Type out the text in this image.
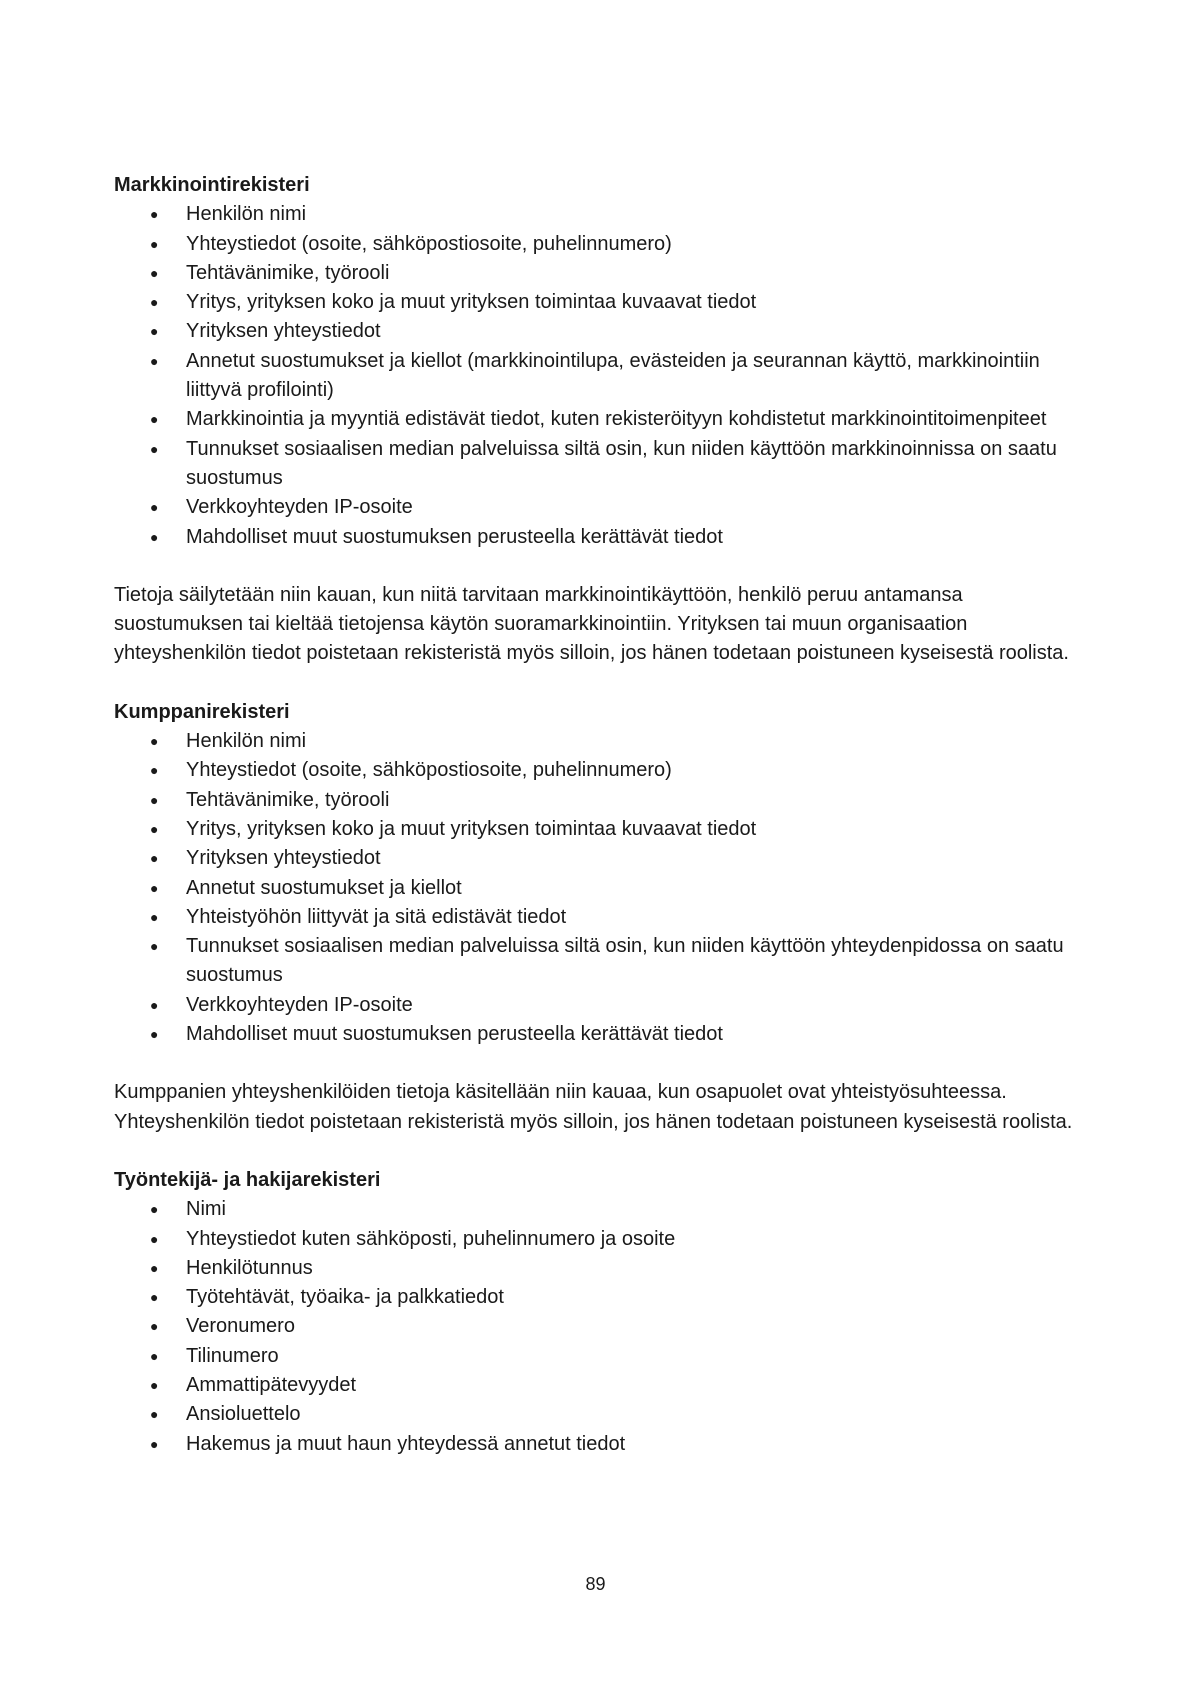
Markkinointirekisteri

● Henkilön nimi
● Yhteystiedot (osoite, sähköpostiosoite, puhelinnumero)
● Tehtävänimike, työrooli
● Yritys, yrityksen koko ja muut yrityksen toimintaa kuvaavat tiedot
● Yrityksen yhteystiedot
● Annetut suostumukset ja kiellot (markkinointilupa, evästeiden ja seurannan käyttö, markkinointiin liittyvä profilointi)
● Markkinointia ja myyntiä edistävät tiedot, kuten rekisteröityyn kohdistetut markkinointitoimenpiteet
● Tunnukset sosiaalisen median palveluissa siltä osin, kun niiden käyttöön markkinoinnissa on saatu suostumus
● Verkkoyhteyden IP-osoite
● Mahdolliset muut suostumuksen perusteella kerättävät tiedot

Tietoja säilytetään niin kauan, kun niitä tarvitaan markkinointikäyttöön, henkilö peruu antamansa suostumuksen tai kieltää tietojensa käytön suoramarkkinointiin. Yrityksen tai muun organisaation yhteyshenkilön tiedot poistetaan rekisteristä myös silloin, jos hänen todetaan poistuneen kyseisestä roolista.

Kumppanirekisteri

● Henkilön nimi
● Yhteystiedot (osoite, sähköpostiosoite, puhelinnumero)
● Tehtävänimike, työrooli
● Yritys, yrityksen koko ja muut yrityksen toimintaa kuvaavat tiedot
● Yrityksen yhteystiedot
● Annetut suostumukset ja kiellot
● Yhteistyöhön liittyvät ja sitä edistävät tiedot
● Tunnukset sosiaalisen median palveluissa siltä osin, kun niiden käyttöön yhteydenpidossa on saatu suostumus
● Verkkoyhteyden IP-osoite
● Mahdolliset muut suostumuksen perusteella kerättävät tiedot

Kumppanien yhteyshenkilöiden tietoja käsitellään niin kauaa, kun osapuolet ovat yhteistyösuhteessa. Yhteyshenkilön tiedot poistetaan rekisteristä myös silloin, jos hänen todetaan poistuneen kyseisestä roolista.

Työntekijä- ja hakijarekisteri

● Nimi
● Yhteystiedot kuten sähköposti, puhelinnumero ja osoite
● Henkilötunnus
● Työtehtävät, työaika- ja palkkatiedot
● Veronumero
● Tilinumero
● Ammattipätevyydet
● Ansioluettelo
● Hakemus ja muut haun yhteydessä annetut tiedot
89
